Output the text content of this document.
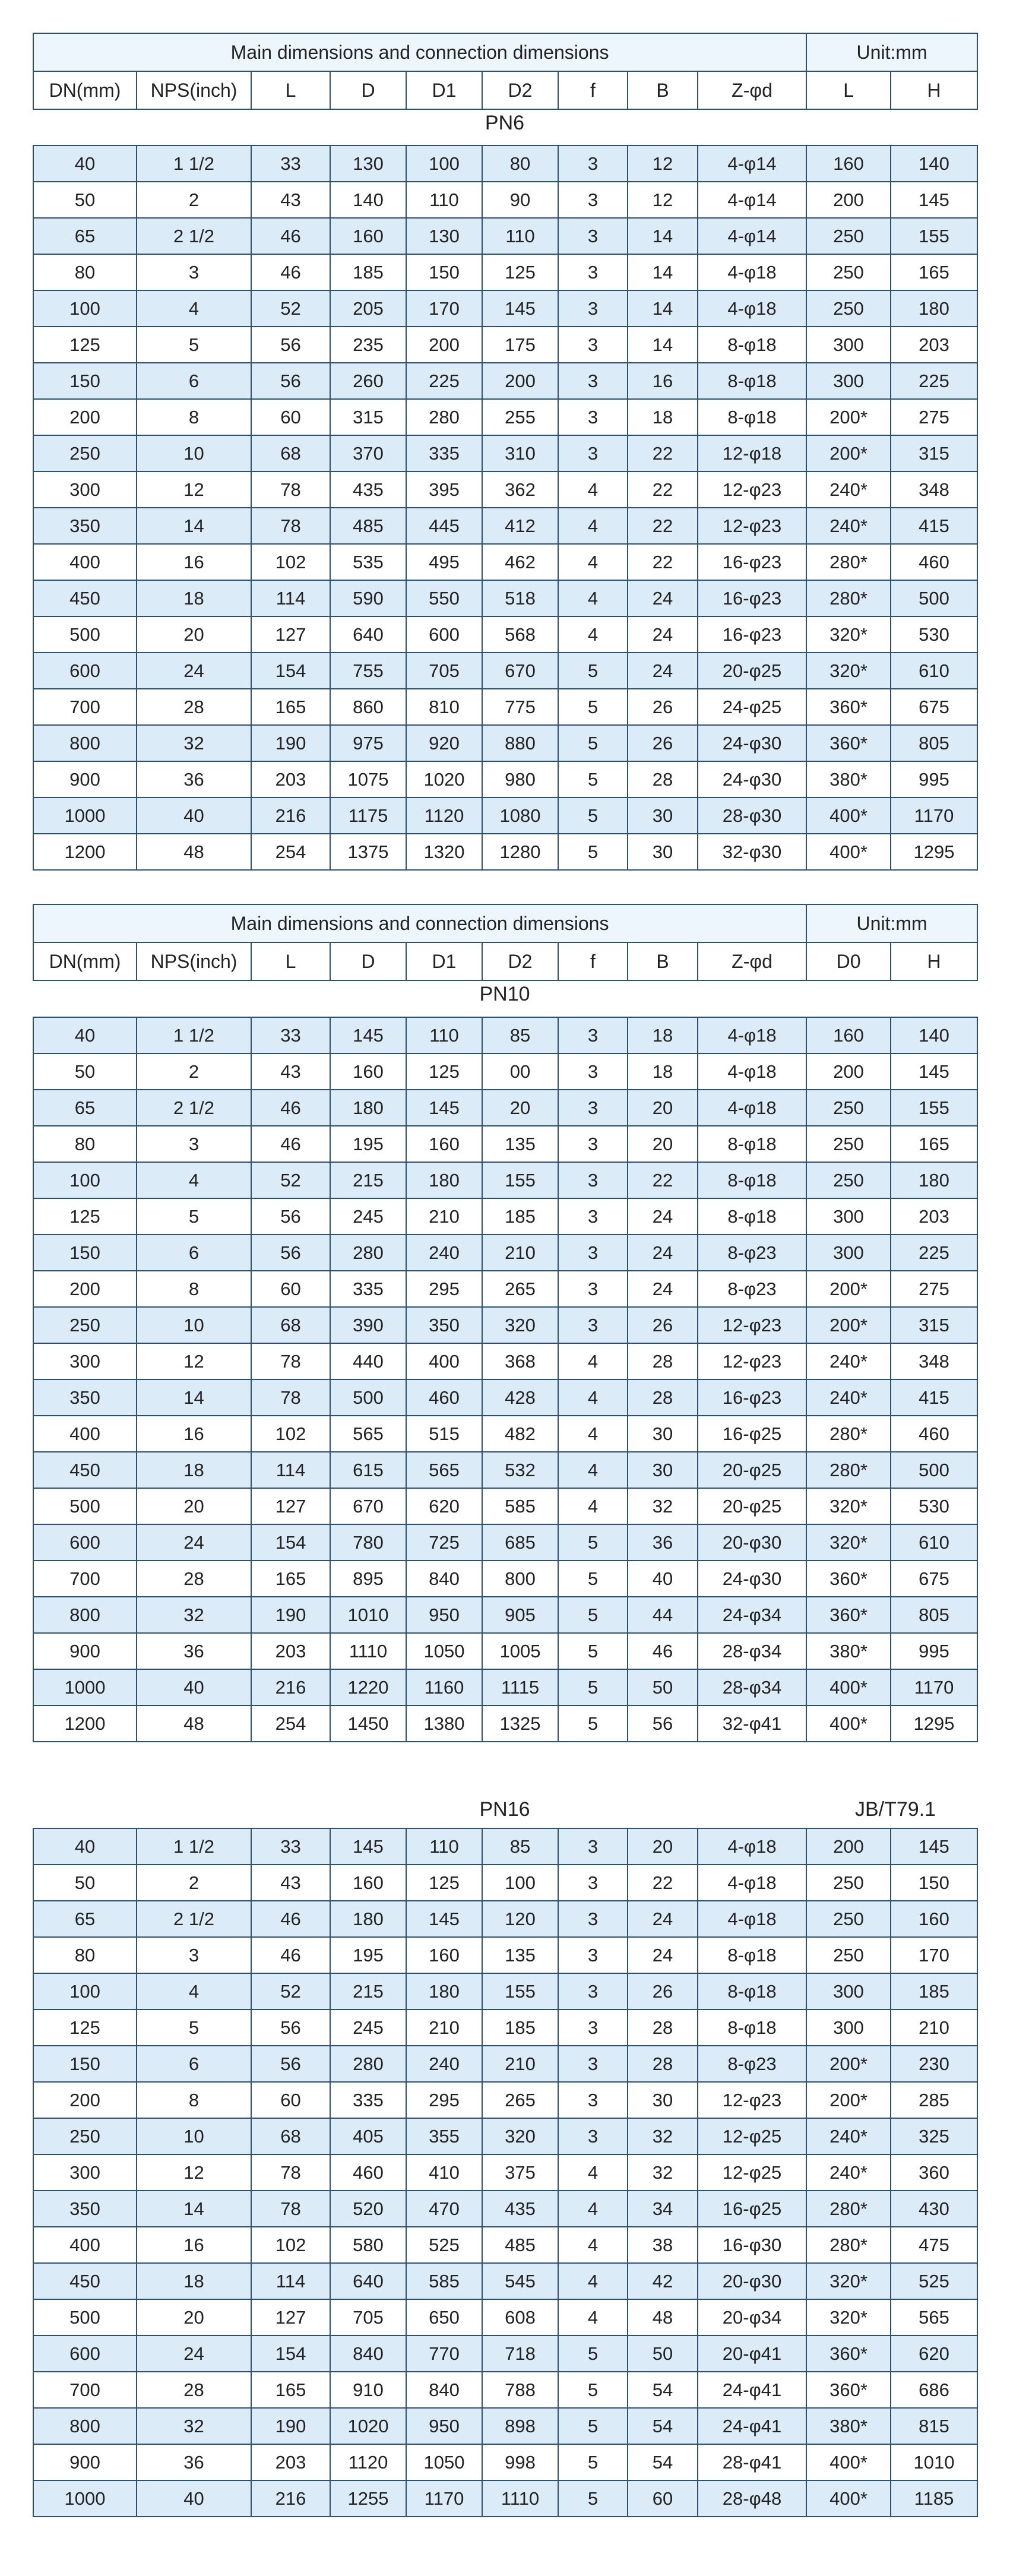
Main dimensions and connection dimensions									Unit:mm	
DN(mm)	NPS(inch)	L	D	D1	D2	f	B	Z-φd	L	H
PN6
40	1 1/2	33	130	100	80	3	12	4-φ14	160	140
50	2	43	140	110	90	3	12	4-φ14	200	145
65	2 1/2	46	160	130	110	3	14	4-φ14	250	155
80	3	46	185	150	125	3	14	4-φ18	250	165
100	4	52	205	170	145	3	14	4-φ18	250	180
125	5	56	235	200	175	3	14	8-φ18	300	203
150	6	56	260	225	200	3	16	8-φ18	300	225
200	8	60	315	280	255	3	18	8-φ18	200*	275
250	10	68	370	335	310	3	22	12-φ18	200*	315
300	12	78	435	395	362	4	22	12-φ23	240*	348
350	14	78	485	445	412	4	22	12-φ23	240*	415
400	16	102	535	495	462	4	22	16-φ23	280*	460
450	18	114	590	550	518	4	24	16-φ23	280*	500
500	20	127	640	600	568	4	24	16-φ23	320*	530
600	24	154	755	705	670	5	24	20-φ25	320*	610
700	28	165	860	810	775	5	26	24-φ25	360*	675
800	32	190	975	920	880	5	26	24-φ30	360*	805
900	36	203	1075	1020	980	5	28	24-φ30	380*	995
1000	40	216	1175	1120	1080	5	30	28-φ30	400*	1170
1200	48	254	1375	1320	1280	5	30	32-φ30	400*	1295
Main dimensions and connection dimensions									Unit:mm	
DN(mm)	NPS(inch)	L	D	D1	D2	f	B	Z-φd	D0	H
PN10
40	1 1/2	33	145	110	85	3	18	4-φ18	160	140
50	2	43	160	125	00	3	18	4-φ18	200	145
65	2 1/2	46	180	145	20	3	20	4-φ18	250	155
80	3	46	195	160	135	3	20	8-φ18	250	165
100	4	52	215	180	155	3	22	8-φ18	250	180
125	5	56	245	210	185	3	24	8-φ18	300	203
150	6	56	280	240	210	3	24	8-φ23	300	225
200	8	60	335	295	265	3	24	8-φ23	200*	275
250	10	68	390	350	320	3	26	12-φ23	200*	315
300	12	78	440	400	368	4	28	12-φ23	240*	348
350	14	78	500	460	428	4	28	16-φ23	240*	415
400	16	102	565	515	482	4	30	16-φ25	280*	460
450	18	114	615	565	532	4	30	20-φ25	280*	500
500	20	127	670	620	585	4	32	20-φ25	320*	530
600	24	154	780	725	685	5	36	20-φ30	320*	610
700	28	165	895	840	800	5	40	24-φ30	360*	675
800	32	190	1010	950	905	5	44	24-φ34	360*	805
900	36	203	1110	1050	1005	5	46	28-φ34	380*	995
1000	40	216	1220	1160	1115	5	50	28-φ34	400*	1170
1200	48	254	1450	1380	1325	5	56	32-φ41	400*	1295
PN16	JB/T79.1
40	1 1/2	33	145	110	85	3	20	4-φ18	200	145
50	2	43	160	125	100	3	22	4-φ18	250	150
65	2 1/2	46	180	145	120	3	24	4-φ18	250	160
80	3	46	195	160	135	3	24	8-φ18	250	170
100	4	52	215	180	155	3	26	8-φ18	300	185
125	5	56	245	210	185	3	28	8-φ18	300	210
150	6	56	280	240	210	3	28	8-φ23	200*	230
200	8	60	335	295	265	3	30	12-φ23	200*	285
250	10	68	405	355	320	3	32	12-φ25	240*	325
300	12	78	460	410	375	4	32	12-φ25	240*	360
350	14	78	520	470	435	4	34	16-φ25	280*	430
400	16	102	580	525	485	4	38	16-φ30	280*	475
450	18	114	640	585	545	4	42	20-φ30	320*	525
500	20	127	705	650	608	4	48	20-φ34	320*	565
600	24	154	840	770	718	5	50	20-φ41	360*	620
700	28	165	910	840	788	5	54	24-φ41	360*	686
800	32	190	1020	950	898	5	54	24-φ41	380*	815
900	36	203	1120	1050	998	5	54	28-φ41	400*	1010
1000	40	216	1255	1170	1110	5	60	28-φ48	400*	1185
